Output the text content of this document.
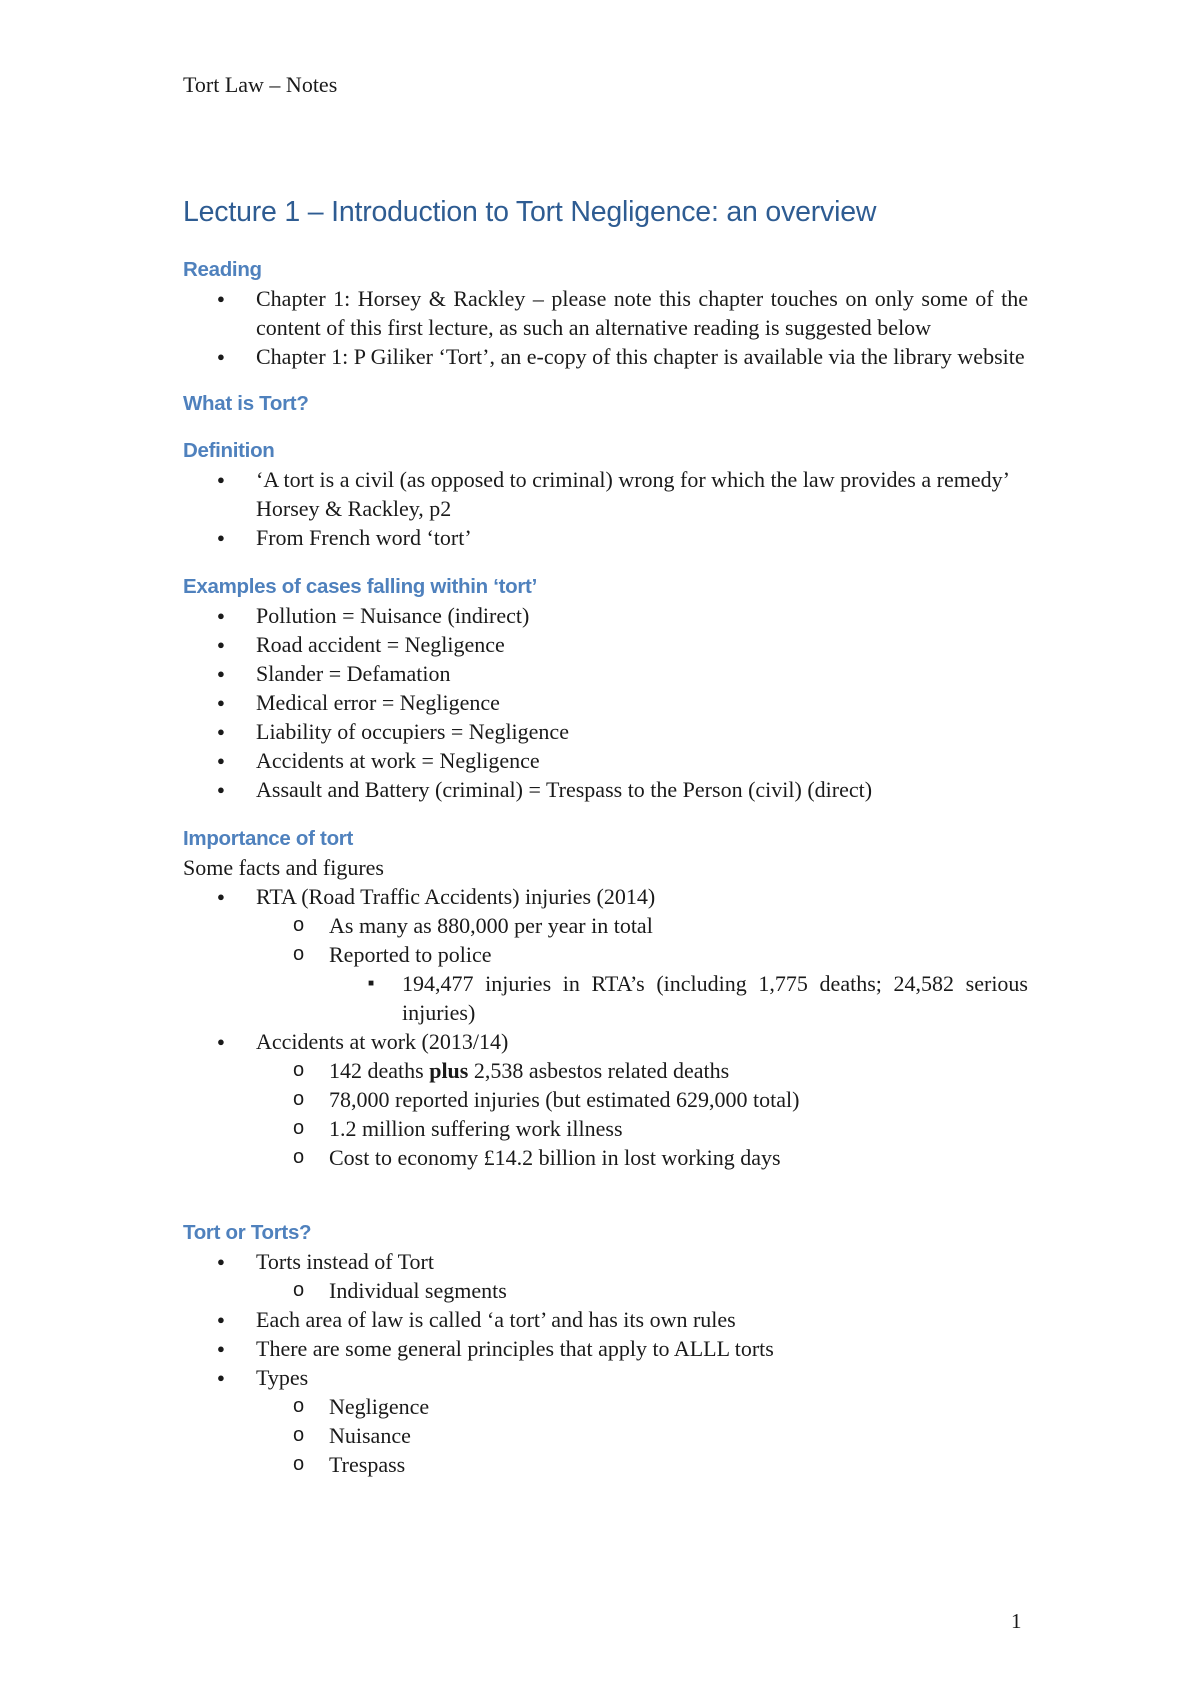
Tort Law – Notes
Lecture 1 – Introduction to Tort Negligence: an overview
Reading
● Chapter 1: Horsey & Rackley – please note this chapter touches on only some of the content of this first lecture, as such an alternative reading is suggested below
● Chapter 1: P Giliker ‘Tort’, an e-copy of this chapter is available via the library website
What is Tort?
Definition
● ‘A tort is a civil (as opposed to criminal) wrong for which the law provides a remedy’ Horsey & Rackley, p2
● From French word ‘tort’
Examples of cases falling within ‘tort’
● Pollution = Nuisance (indirect)
● Road accident = Negligence
● Slander = Defamation
● Medical error = Negligence
● Liability of occupiers = Negligence
● Accidents at work = Negligence
● Assault and Battery (criminal) = Trespass to the Person (civil) (direct)
Importance of tort

Some facts and figures

● RTA (Road Traffic Accidents) injuries (2014)
o As many as 880,000 per year in total
o Reported to police
■ 194,477 injuries in RTA’s (including 1,775 deaths; 24,582 serious injuries)
● Accidents at work (2013/14)
o 142 deaths plus 2,538 asbestos related deaths
o 78,000 reported injuries (but estimated 629,000 total)
o 1.2 million suffering work illness
o Cost to economy £14.2 billion in lost working days
Tort or Torts?
● Torts instead of Tort
o Individual segments
● Each area of law is called ‘a tort’ and has its own rules
● There are some general principles that apply to ALLL torts
● Types
o Negligence
o Nuisance
o Trespass
1
